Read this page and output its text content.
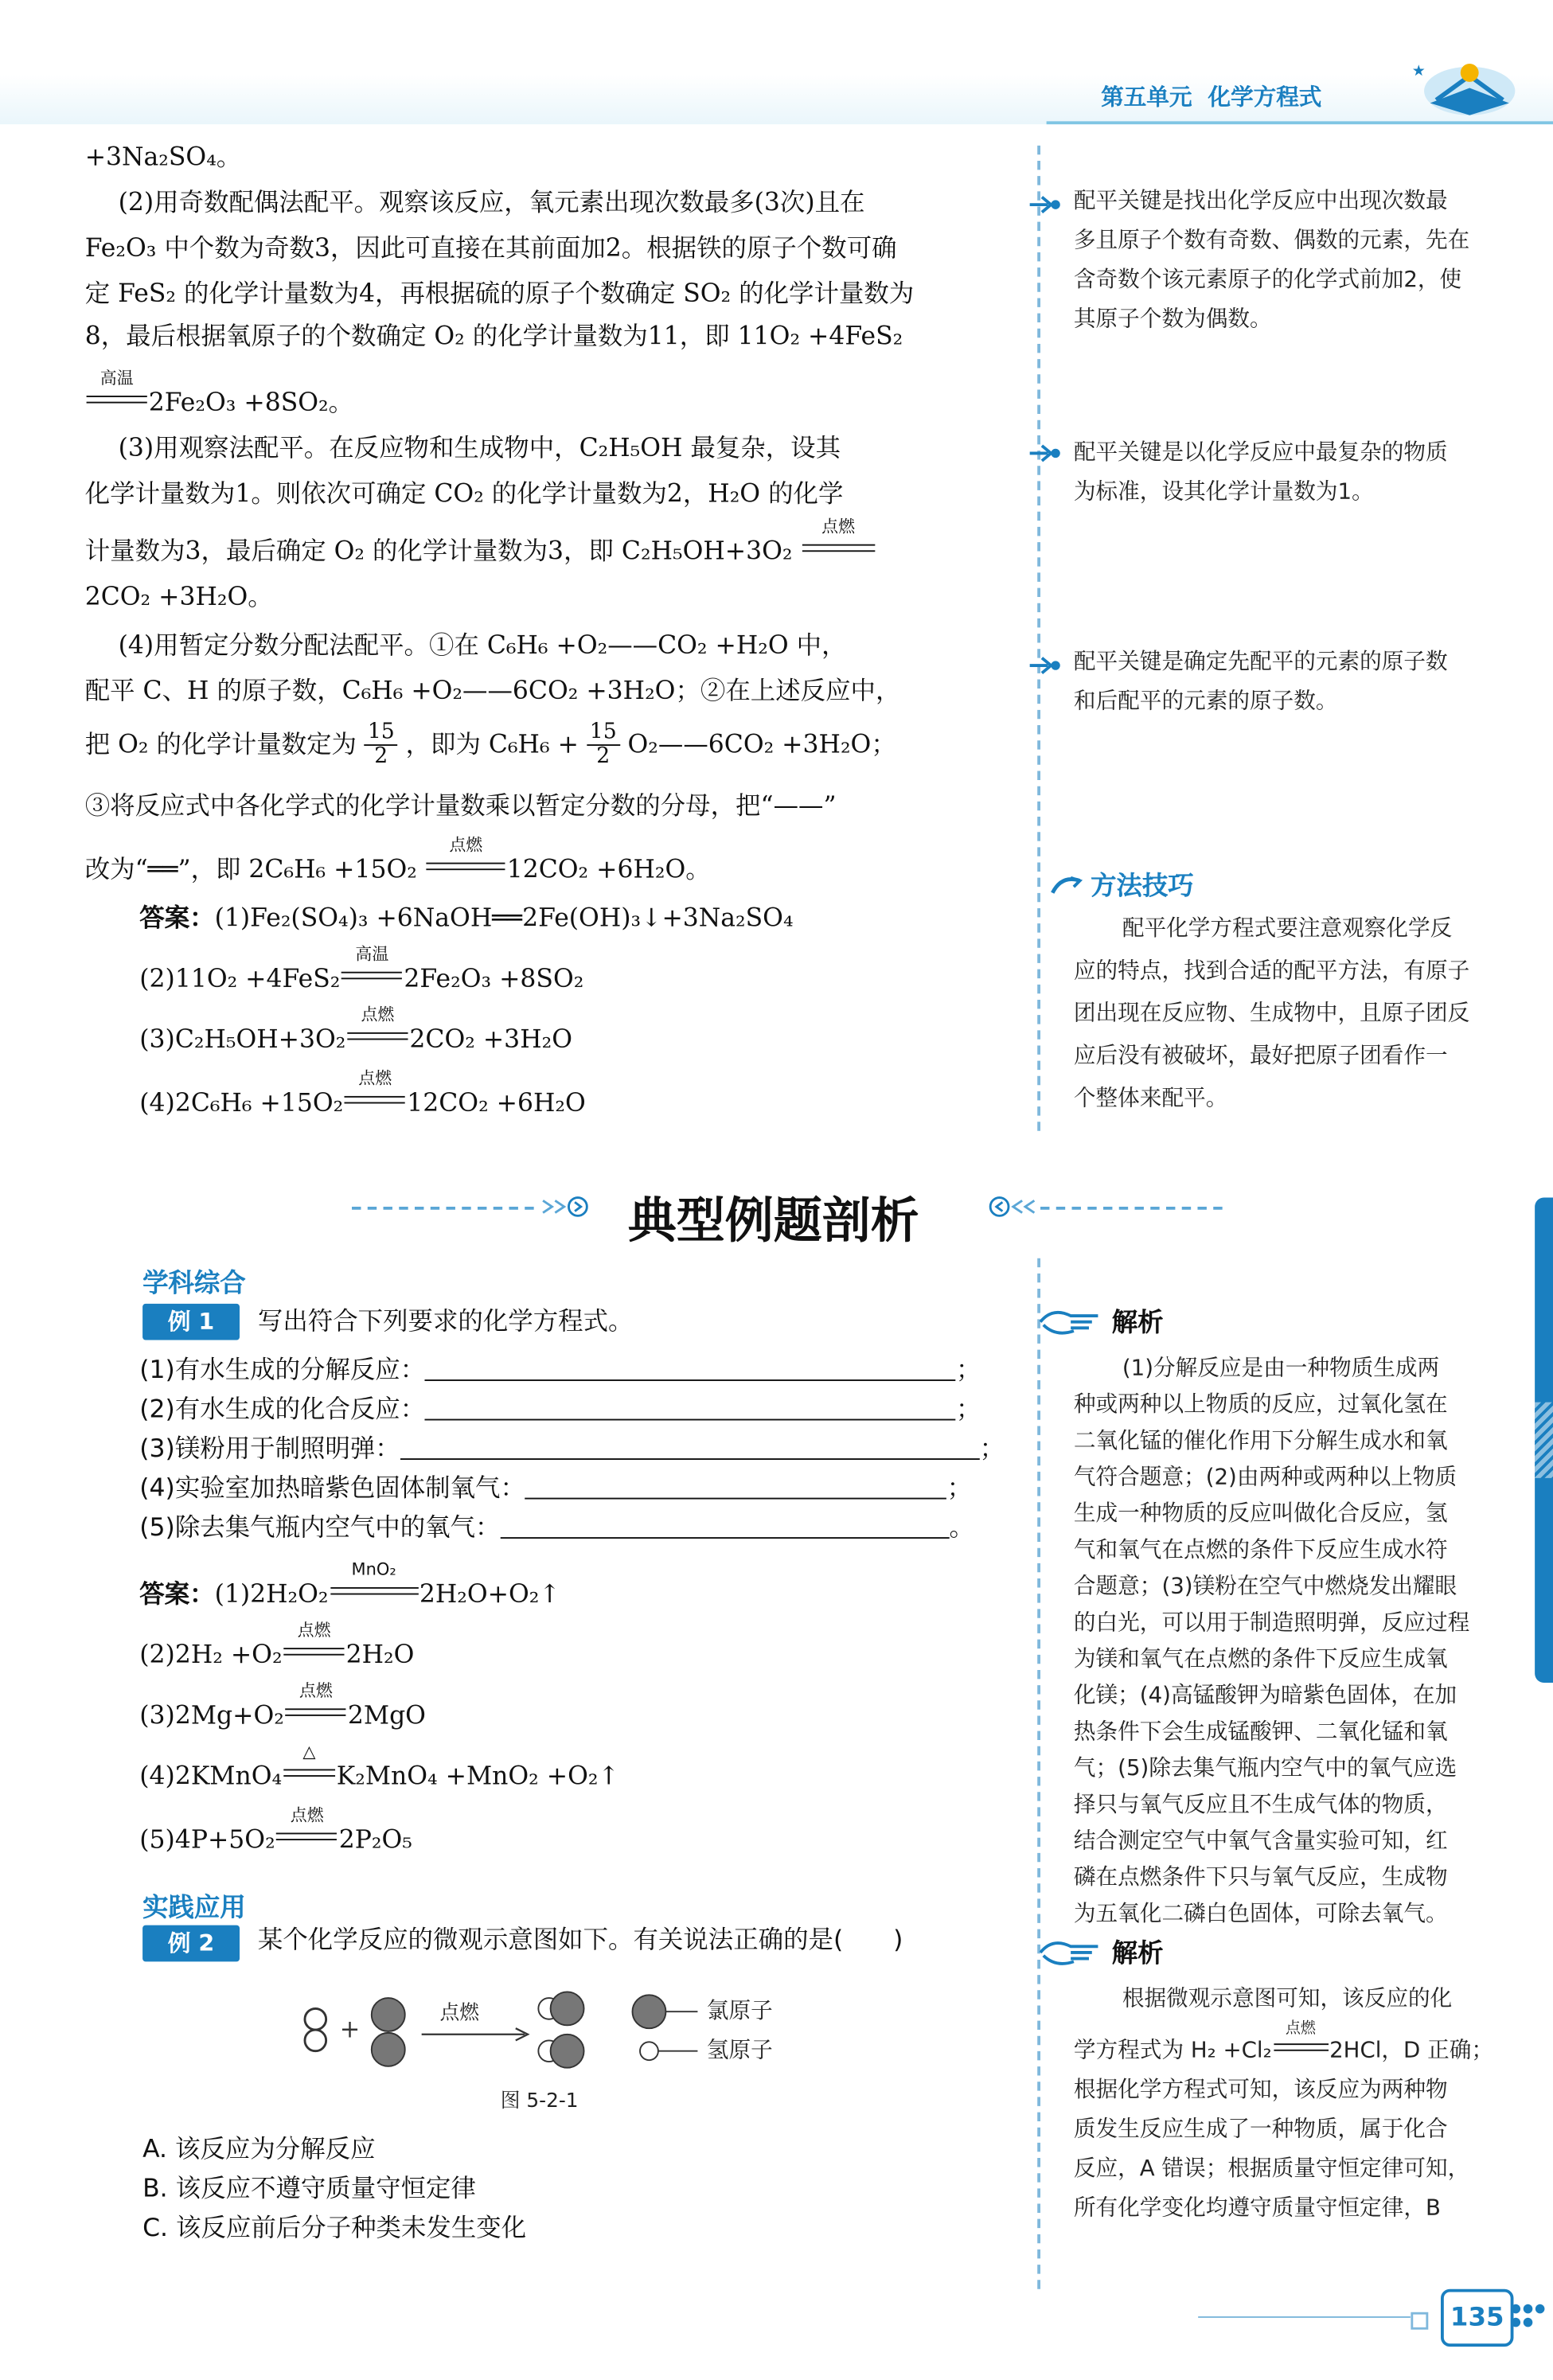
第五单元 化学方程式
★
+3Na₂SO₄。
(2)用奇数配偶法配平。观察该反应，氧元素出现次数最多(3次)且在
Fe₂O₃ 中个数为奇数3，因此可直接在其前面加2。根据铁的原子个数可确
定 FeS₂ 的化学计量数为4，再根据硫的原子个数确定 SO₂ 的化学计量数为
8，最后根据氧原子的个数确定 O₂ 的化学计量数为11，即 11O₂ +4FeS₂
高温
2Fe₂O₃ +8SO₂。
(3)用观察法配平。在反应物和生成物中，C₂H₅OH 最复杂，设其
化学计量数为1。则依次可确定 CO₂ 的化学计量数为2，H₂O 的化学
计量数为3，最后确定 O₂ 的化学计量数为3，即 C₂H₅OH+3O₂
点燃
2CO₂ +3H₂O。
(4)用暂定分数分配法配平。①在 C₆H₆ +O₂——CO₂ +H₂O 中，
配平 C、H 的原子数，C₆H₆ +O₂——6CO₂ +3H₂O；②在上述反应中，
把 O₂ 的化学计量数定为 $\frac{15}{2}$ ，即为 $C_6H_6 + \frac{15}{2}$ O₂——6CO₂ +3H₂O；
③将反应式中各化学式的化学计量数乘以暂定分数的分母，把“——”
改为“══”，即 2C₆H₆ +15O₂
点燃
12CO₂ +6H₂O。
答案：(1)Fe₂(SO₄)₃ +6NaOH══2Fe(OH)₃↓+3Na₂SO₄
(2)11O₂ +4FeS₂
高温
2Fe₂O₃ +8SO₂
(3)C₂H₅OH+3O₂
点燃
2CO₂ +3H₂O
(4)2C₆H₆ +15O₂
点燃
12CO₂ +6H₂O
配平关键是找出化学反应中出现次数最
多且原子个数有奇数、偶数的元素，先在
含奇数个该元素原子的化学式前加2，使
其原子个数为偶数。
配平关键是以化学反应中最复杂的物质
为标准，设其化学计量数为1。
配平关键是确定先配平的元素的原子数
和后配平的元素的原子数。
方法技巧
配平化学方程式要注意观察化学反
应的特点，找到合适的配平方法，有原子
团出现在反应物、生成物中，且原子团反
应后没有被破坏，最好把原子团看作一
个整体来配平。
典型例题剖析
学科综合
例 1	写出符合下列要求的化学方程式。
(1)有水生成的分解反应：	；
(2)有水生成的化合反应：	；
(3)镁粉用于制照明弹：	；
(4)实验室加热暗紫色固体制氧气：	；
(5)除去集气瓶内空气中的氧气：	。
答案：(1)2H₂O₂
MnO₂
2H₂O+O₂↑
(2)2H₂ +O₂
点燃
2H₂O
(3)2Mg+O₂
点燃
2MgO
(4)2KMnO₄
△
K₂MnO₄ +MnO₂ +O₂↑
(5)4P+5O₂
点燃
2P₂O₅
解析
(1)分解反应是由一种物质生成两
种或两种以上物质的反应，过氧化氢在
二氧化锰的催化作用下分解生成水和氧
气符合题意；(2)由两种或两种以上物质
生成一种物质的反应叫做化合反应，氢
气和氧气在点燃的条件下反应生成水符
合题意；(3)镁粉在空气中燃烧发出耀眼
的白光，可以用于制造照明弹，反应过程
为镁和氧气在点燃的条件下反应生成氧
化镁；(4)高锰酸钾为暗紫色固体，在加
热条件下会生成锰酸钾、二氧化锰和氧
气；(5)除去集气瓶内空气中的氧气应选
择只与氧气反应且不生成气体的物质，
结合测定空气中氧气含量实验可知，红
磷在点燃条件下只与氧气反应，生成物
为五氧化二磷白色固体，可除去氧气。
实践应用
例 2	某个化学反应的微观示意图如下。有关说法正确的是(　　)
+
点燃	氯原子
氢原子
图 5-2-1
A. 该反应为分解反应
B. 该反应不遵守质量守恒定律
C. 该反应前后分子种类未发生变化
解析
根据微观示意图可知，该反应的化
学方程式为 H₂ +Cl₂
点燃
2HCl，D 正确；
根据化学方程式可知，该反应为两种物
质发生反应生成了一种物质，属于化合
反应，A 错误；根据质量守恒定律可知，
所有化学变化均遵守质量守恒定律，B
135	●●●
●●
